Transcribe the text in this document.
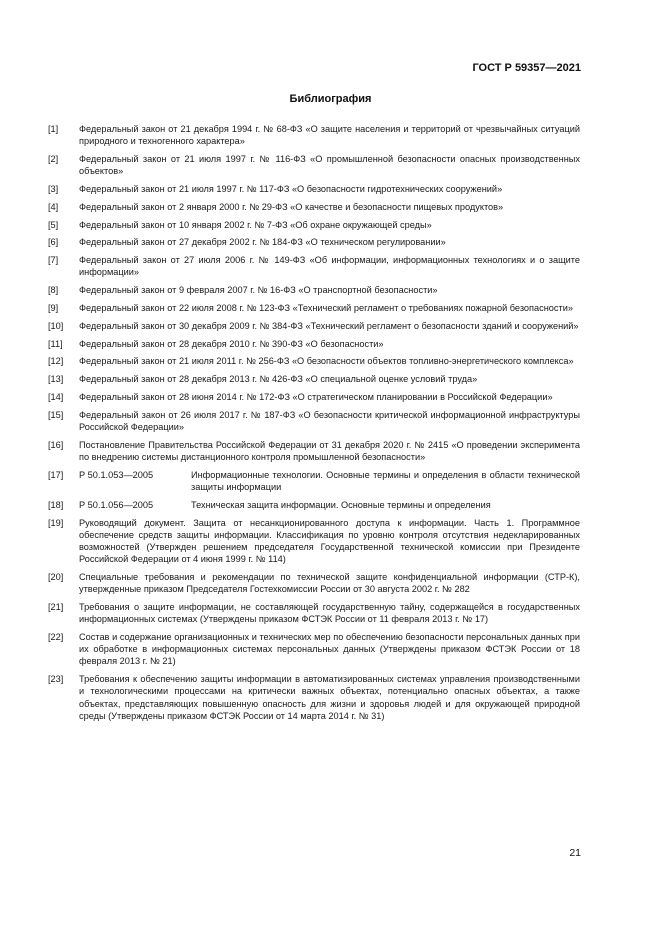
ГОСТ Р 59357—2021
Библиография
[1]	Федеральный закон от 21 декабря 1994 г. № 68-ФЗ «О защите населения и территорий от чрезвычайных ситуаций природного и техногенного характера»
[2]	Федеральный закон от 21 июля 1997 г. № 116-ФЗ «О промышленной безопасности опасных производственных объектов»
[3]	Федеральный закон от 21 июля 1997 г. № 117-ФЗ «О безопасности гидротехнических сооружений»
[4]	Федеральный закон от 2 января 2000 г. № 29-ФЗ «О качестве и безопасности пищевых продуктов»
[5]	Федеральный закон от 10 января 2002 г. № 7-ФЗ «Об охране окружающей среды»
[6]	Федеральный закон от 27 декабря 2002 г. № 184-ФЗ «О техническом регулировании»
[7]	Федеральный закон от 27 июля 2006 г. № 149-ФЗ «Об информации, информационных технологиях и о защите информации»
[8]	Федеральный закон от 9 февраля 2007 г. № 16-ФЗ «О транспортной безопасности»
[9]	Федеральный закон от 22 июля 2008 г. № 123-ФЗ «Технический регламент о требованиях пожарной безопасности»
[10]	Федеральный закон от 30 декабря 2009 г. № 384-ФЗ «Технический регламент о безопасности зданий и сооружений»
[11]	Федеральный закон от 28 декабря 2010 г. № 390-ФЗ «О безопасности»
[12]	Федеральный закон от 21 июля 2011 г. № 256-ФЗ «О безопасности объектов топливно-энергетического комплекса»
[13]	Федеральный закон от 28 декабря 2013 г. № 426-ФЗ «О специальной оценке условий труда»
[14]	Федеральный закон от 28 июня 2014 г. № 172-ФЗ «О стратегическом планировании в Российской Федерации»
[15]	Федеральный закон от 26 июля 2017 г. № 187-ФЗ «О безопасности критической информационной инфраструктуры Российской Федерации»
[16]	Постановление Правительства Российской Федерации от 31 декабря 2020 г. № 2415 «О проведении эксперимента по внедрению системы дистанционного контроля промышленной безопасности»
[17]	Р 50.1.053—2005	Информационные технологии. Основные термины и определения в области технической защиты информации
[18]	Р 50.1.056—2005	Техническая защита информации. Основные термины и определения
[19]	Руководящий документ. Защита от несанкционированного доступа к информации. Часть 1. Программное обеспечение средств защиты информации. Классификация по уровню контроля отсутствия недекларированных возможностей (Утвержден решением председателя Государственной технической комиссии при Президенте Российской Федерации от 4 июня 1999 г. № 114)
[20]	Специальные требования и рекомендации по технической защите конфиденциальной информации (СТР-К), утвержденные приказом Председателя Гостехкомиссии России от 30 августа 2002 г. № 282
[21]	Требования о защите информации, не составляющей государственную тайну, содержащейся в государственных информационных системах (Утверждены приказом ФСТЭК России от 11 февраля 2013 г. № 17)
[22]	Состав и содержание организационных и технических мер по обеспечению безопасности персональных данных при их обработке в информационных системах персональных данных (Утверждены приказом ФСТЭК России от 18 февраля 2013 г. № 21)
[23]	Требования к обеспечению защиты информации в автоматизированных системах управления производственными и технологическими процессами на критически важных объектах, потенциально опасных объектах, а также объектах, представляющих повышенную опасность для жизни и здоровья людей и для окружающей природной среды (Утверждены приказом ФСТЭК России от 14 марта 2014 г. № 31)
21
